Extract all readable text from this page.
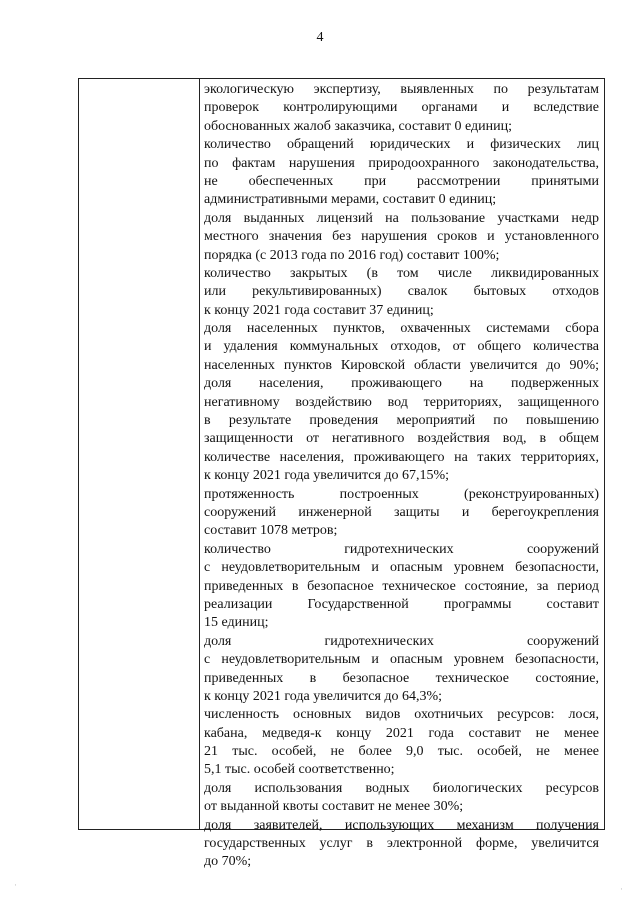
4
экологическую экспертизу, выявленных по результатам
проверок контролирующими органами и вследствие
обоснованных жалоб заказчика, составит 0 единиц;
количество обращений юридических и физических лиц
по фактам нарушения природоохранного законодательства,
не обеспеченных при рассмотрении принятыми
административными мерами, составит 0 единиц;
доля выданных лицензий на пользование участками недр
местного значения без нарушения сроков и установленного
порядка (с 2013 года по 2016 год) составит 100%;
количество закрытых (в том числе ликвидированных
или рекультивированных) свалок бытовых отходов
к концу 2021 года составит 37 единиц;
доля населенных пунктов, охваченных системами сбора
и удаления коммунальных отходов, от общего количества
населенных пунктов Кировской области увеличится до 90%;
доля населения, проживающего на подверженных
негативному воздействию вод территориях, защищенного
в результате проведения мероприятий по повышению
защищенности от негативного воздействия вод, в общем
количестве населения, проживающего на таких территориях,
к концу 2021 года увеличится до 67,15%;
протяженность построенных (реконструированных)
сооружений инженерной защиты и берегоукрепления
составит 1078 метров;
количество гидротехнических сооружений
с неудовлетворительным и опасным уровнем безопасности,
приведенных в безопасное техническое состояние, за период
реализации Государственной программы составит
15 единиц;
доля гидротехнических сооружений
с неудовлетворительным и опасным уровнем безопасности,
приведенных в безопасное техническое состояние,
к концу 2021 года увеличится до 64,3%;
численность основных видов охотничьих ресурсов: лося,
кабана, медведя-к концу 2021 года составит не менее
21 тыс. особей, не более 9,0 тыс. особей, не менее
5,1 тыс. особей соответственно;
доля использования водных биологических ресурсов
от выданной квоты составит не менее 30%;
доля заявителей, использующих механизм получения
государственных услуг в электронной форме, увеличится
до 70%;
·	·
